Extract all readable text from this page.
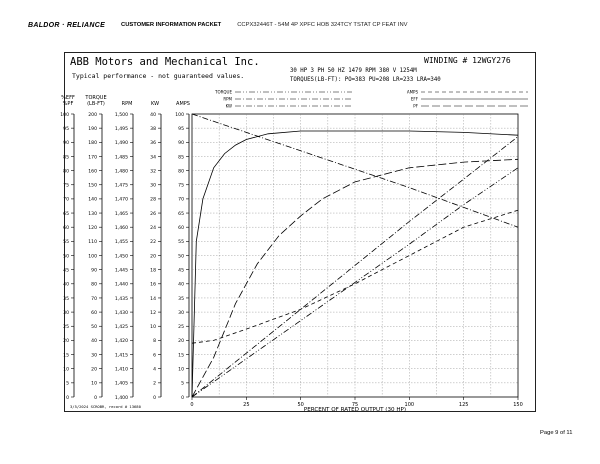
BALDOR · RELIANCE	CUSTOMER INFORMATION PACKET	CCPX32446T - 54M 4P XPFC HOB 324TCY TSTAT CP FEAT INV
ABB Motors and Mechanical Inc.
Typical performance - not guaranteed values.
WINDING # 12WGY276
30 HP 3 PH 50 HZ 1479 RPM 380 V 1254M
TORQUES(LB-FT): PO=383 PU=208 LR=233 LRA=340
0	25	50	75	100	125	150
PERCENT OF RATED OUTPUT (30 HP)
%EFF
%PF
TORQUE
(LB-FT)	RPM	KW	AMPS
100
95
90
85
80
75
70
65
60
55
50
45
40
35
30
25
20
15
10
5
0
200
190
180
170
160
150
140
130
120
110
100
90
80
70
60
50
40
30
20
10
0
1,500
1,495
1,490
1,485
1,480
1,475
1,470
1,465
1,460
1,455
1,450
1,445
1,440
1,435
1,430
1,425
1,420
1,415
1,410
1,405
1,400
40
38
36
34
32
30
28
26
24
22
20
18
16
14
12
10
8
6
4
2
0
100
95
90
85
80
75
70
65
60
55
50
45
40
35
30
25
20
15
10
5
0
TORQUE
RPM
KW
AMPS
EFF
PF
3/5/2024 SCROBR, record # 13680
Page 9 of 11
